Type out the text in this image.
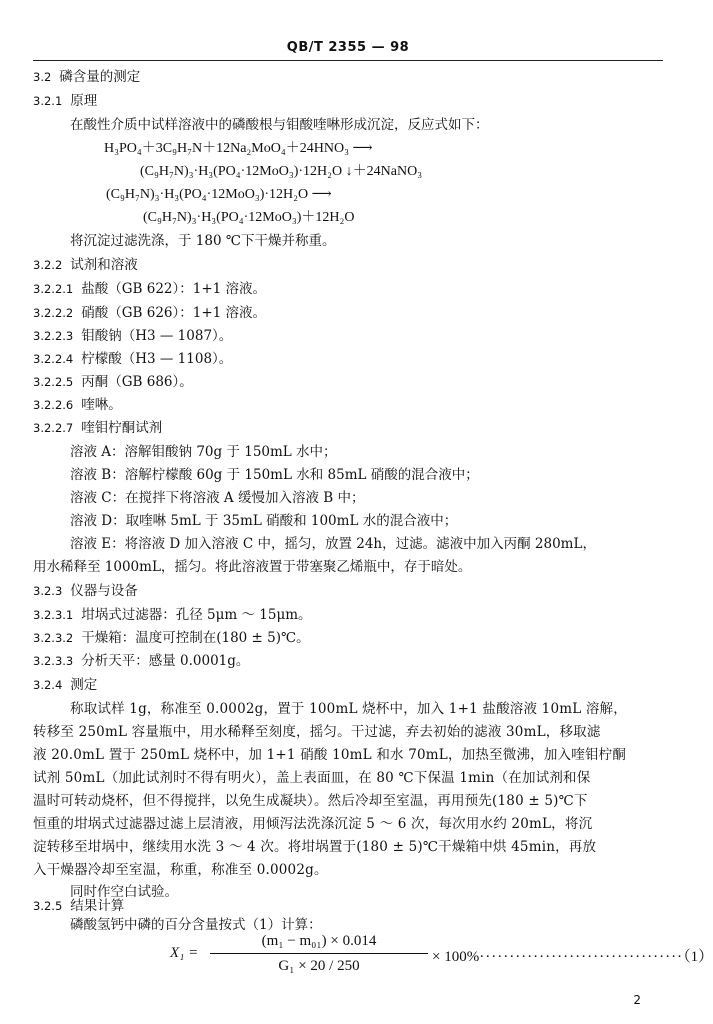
QB/T 2355 — 98
3.2 磷含量的测定
3.2.1 原理
在酸性介质中试样溶液中的磷酸根与钼酸喹啉形成沉淀，反应式如下：
H₃PO₄＋3C₉H₇N＋12Na₂MoO₄＋24HNO₃ ⟶
(C₉H₇N)₃·H₃(PO₄·12MoO₃)·12H₂O ↓＋24NaNO₃
(C₉H₇N)₃·H₃(PO₄·12MoO₃)·12H₂O ⟶
(C₉H₇N)₃·H₃(PO₄·12MoO₃)＋12H₂O
将沉淀过滤洗涤，于 180 ℃下干燥并称重。
3.2.2 试剂和溶液
3.2.2.1 盐酸（GB 622）：1+1 溶液。
3.2.2.2 硝酸（GB 626）：1+1 溶液。
3.2.2.3 钼酸钠（H3 — 1087）。
3.2.2.4 柠檬酸（H3 — 1108）。
3.2.2.5 丙酮（GB 686）。
3.2.2.6 喹啉。
3.2.2.7 喹钼柠酮试剂
溶液 A：溶解钼酸钠 70g 于 150mL 水中；
溶液 B：溶解柠檬酸 60g 于 150mL 水和 85mL 硝酸的混合液中；
溶液 C：在搅拌下将溶液 A 缓慢加入溶液 B 中；
溶液 D：取喹啉 5mL 于 35mL 硝酸和 100mL 水的混合液中；
溶液 E：将溶液 D 加入溶液 C 中，摇匀，放置 24h，过滤。滤液中加入丙酮 280mL，
用水稀释至 1000mL，摇匀。将此溶液置于带塞聚乙烯瓶中，存于暗处。
3.2.3 仪器与设备
3.2.3.1 坩埚式过滤器：孔径 5μm ～ 15μm。
3.2.3.2 干燥箱：温度可控制在(180 ± 5)℃。
3.2.3.3 分析天平：感量 0.0001g。
3.2.4 测定
称取试样 1g，称准至 0.0002g，置于 100mL 烧杯中，加入 1+1 盐酸溶液 10mL 溶解，
转移至 250mL 容量瓶中，用水稀释至刻度，摇匀。干过滤，弃去初始的滤液 30mL，移取滤
液 20.0mL 置于 250mL 烧杯中，加 1+1 硝酸 10mL 和水 70mL，加热至微沸，加入喹钼柠酮
试剂 50mL（加此试剂时不得有明火），盖上表面皿，在 80 ℃下保温 1min（在加试剂和保
温时可转动烧杯，但不得搅拌，以免生成凝块）。然后冷却至室温，再用预先(180 ± 5)℃下
恒重的坩埚式过滤器过滤上层清液，用倾泻法洗涤沉淀 5 ～ 6 次，每次用水约 20mL，将沉
淀转移至坩埚中，继续用水洗 3 ～ 4 次。将坩埚置于(180 ± 5)℃干燥箱中烘 45min，再放
入干燥器冷却至室温，称重，称准至 0.0002g。
同时作空白试验。
3.2.5 结果计算
磷酸氢钙中磷的百分含量按式（1）计算：
X₁ =
(m₁ − m₀₁) × 0.014
G₁ × 20 / 250
× 100%··································（1）
2
